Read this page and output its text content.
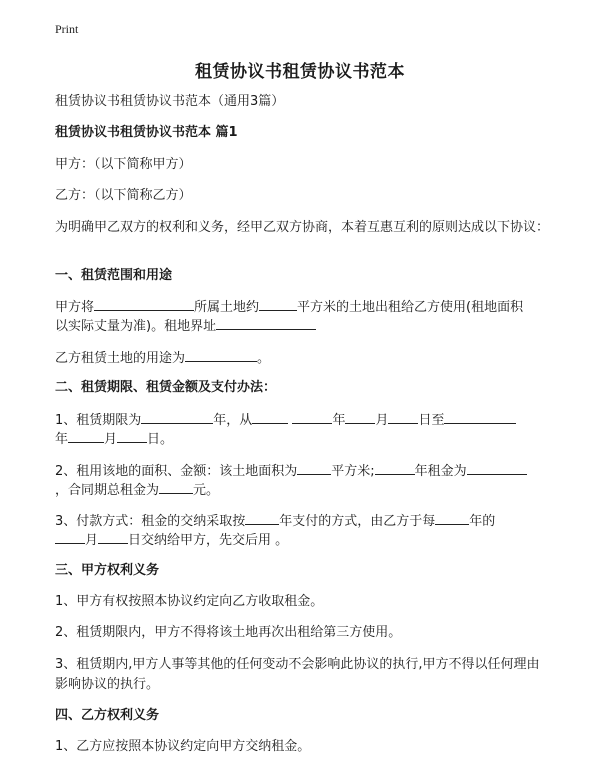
Print
租赁协议书租赁协议书范本
租赁协议书租赁协议书范本（通用3篇）
租赁协议书租赁协议书范本 篇1
甲方：（以下简称甲方）
乙方：（以下简称乙方）
为明确甲乙双方的权利和义务，经甲乙双方协商，本着互惠互利的原则达成以下协议：
一、租赁范围和用途
甲方将	所属土地约	平方米的土地出租给乙方使用(租地面积
以实际丈量为准)。租地界址
乙方租赁土地的用途为	。
二、租赁期限、租赁金额及支付办法：
1、租赁期限为	年，从	年 月 日至
年	月 日。
2、租用该地的面积、金额：该土地面积为	平方米;	年租金为
，合同期总租金为	元。
3、付款方式：租金的交纳采取按	年支付的方式，由乙方于每	年的
月 日交纳给甲方，先交后用 。
三、甲方权利义务
1、甲方有权按照本协议约定向乙方收取租金。
2、租赁期限内，甲方不得将该土地再次出租给第三方使用。
3、租赁期内,甲方人事等其他的任何变动不会影响此协议的执行,甲方不得以任何理由影响协议的执行。
四、乙方权利义务
1、乙方应按照本协议约定向甲方交纳租金。
